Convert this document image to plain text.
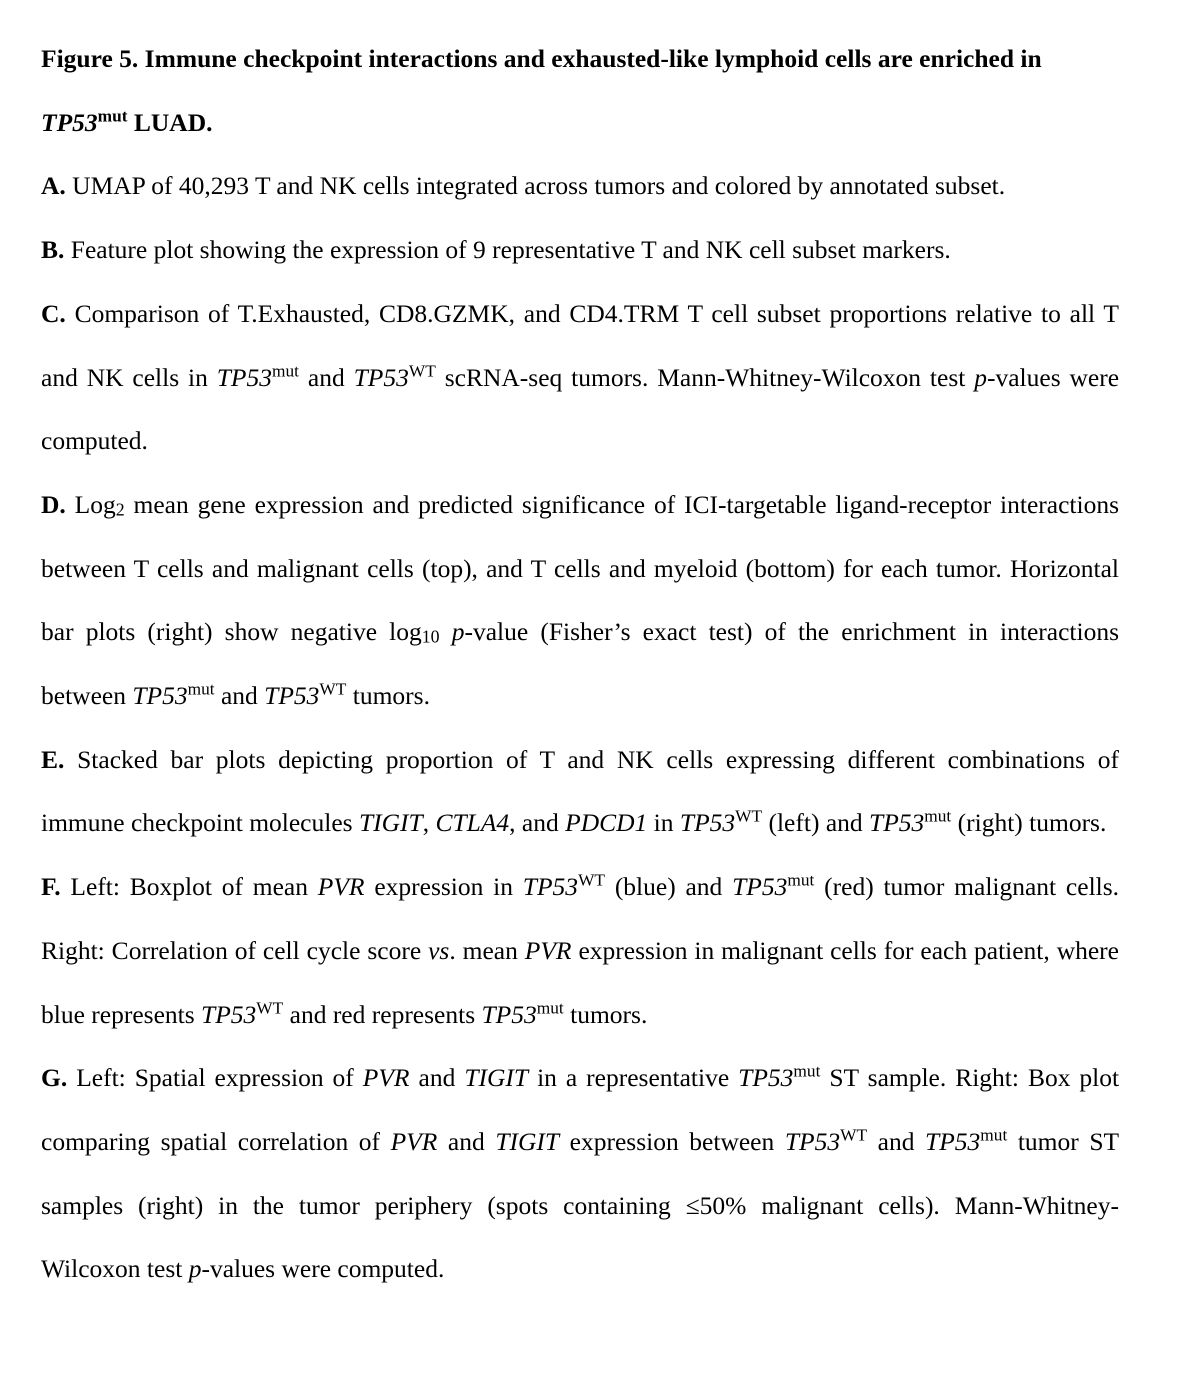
Figure 5. Immune checkpoint interactions and exhausted-like lymphoid cells are enriched in
$TP53^{mut}$ LUAD.

A. UMAP of 40,293 T and NK cells integrated across tumors and colored by annotated subset.

B. Feature plot showing the expression of 9 representative T and NK cell subset markers.

C. Comparison of T.Exhausted, CD8.GZMK, and CD4.TRM T cell subset proportions relative to all T and NK cells in $TP53^{mut}$ and $TP53^{WT}$ scRNA-seq tumors. Mann-Whitney-Wilcoxon test p-values were computed.

D. Log$_2$ mean gene expression and predicted significance of ICI-targetable ligand-receptor interactions between T cells and malignant cells (top), and T cells and myeloid (bottom) for each tumor. Horizontal bar plots (right) show negative $\log_{10}$ p-value (Fisher’s exact test) of the enrichment in interactions between $TP53^{mut}$ and $TP53^{WT}$ tumors.

E. Stacked bar plots depicting proportion of T and NK cells expressing different combinations of immune checkpoint molecules TIGIT, CTLA4, and PDCD1 in $TP53^{WT}$ (left) and $TP53^{mut}$ (right) tumors.

F. Left: Boxplot of mean PVR expression in $TP53^{WT}$ (blue) and $TP53^{mut}$ (red) tumor malignant cells. Right: Correlation of cell cycle score vs. mean PVR expression in malignant cells for each patient, where blue represents $TP53^{WT}$ and red represents $TP53^{mut}$ tumors.

G. Left: Spatial expression of PVR and TIGIT in a representative $TP53^{mut}$ ST sample. Right: Box plot comparing spatial correlation of PVR and TIGIT expression between $TP53^{WT}$ and $TP53^{mut}$ tumor ST samples (right) in the tumor periphery (spots containing ≤50% malignant cells). Mann-Whitney-Wilcoxon test p-values were computed.
